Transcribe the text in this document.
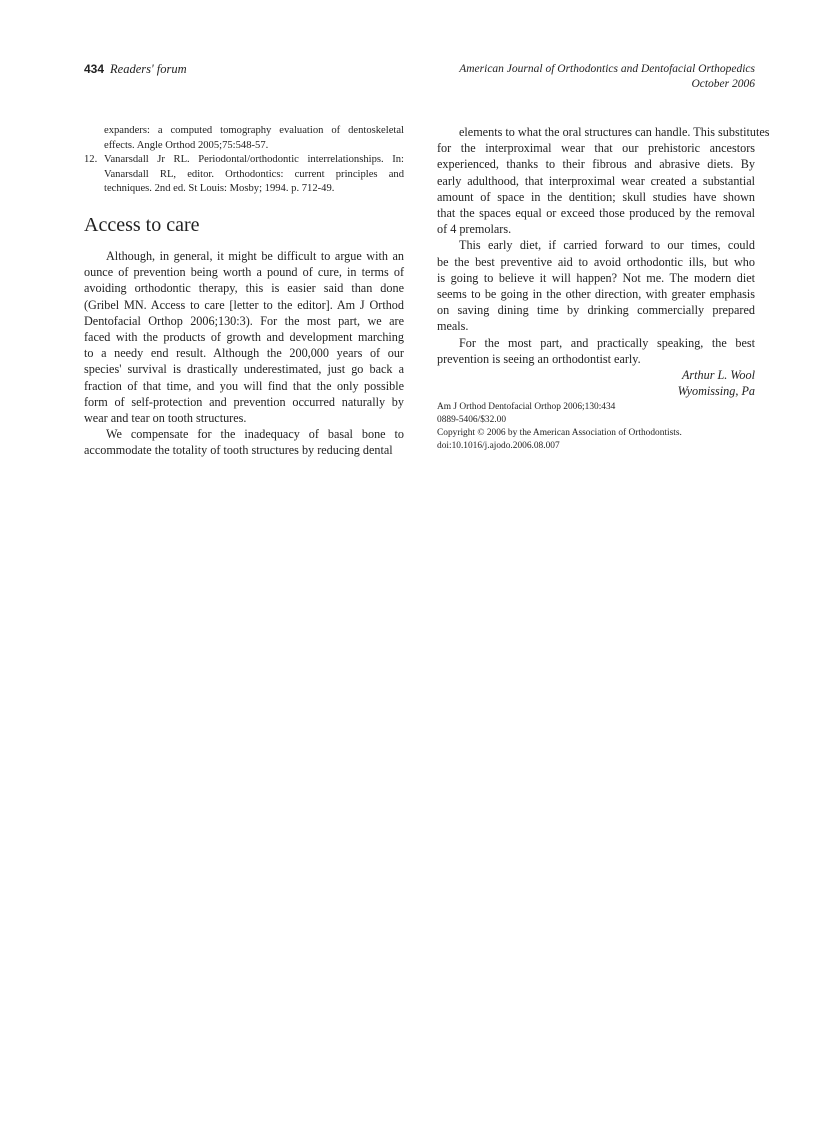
434 Readers' forum	American Journal of Orthodontics and Dentofacial Orthopedics
October 2006
expanders: a computed tomography evaluation of dentoskeletal
effects. Angle Orthod 2005;75:548-57.
12. Vanarsdall Jr RL. Periodontal/orthodontic interrelationships. In:
Vanarsdall RL, editor. Orthodontics: current principles and
techniques. 2nd ed. St Louis: Mosby; 1994. p. 712-49.
Access to care
Although, in general, it might be difficult to argue with an
ounce of prevention being worth a pound of cure, in terms of
avoiding orthodontic therapy, this is easier said than done
(Gribel MN. Access to care [letter to the editor]. Am J Orthod
Dentofacial Orthop 2006;130:3). For the most part, we are
faced with the products of growth and development marching
to a needy end result. Although the 200,000 years of our
species' survival is drastically underestimated, just go back a
fraction of that time, and you will find that the only possible
form of self-protection and prevention occurred naturally by
wear and tear on tooth structures.
We compensate for the inadequacy of basal bone to
accommodate the totality of tooth structures by reducing dental
elements to what the oral structures can handle. This substitutes
for the interproximal wear that our prehistoric ancestors
experienced, thanks to their fibrous and abrasive diets. By
early adulthood, that interproximal wear created a substantial
amount of space in the dentition; skull studies have shown
that the spaces equal or exceed those produced by the removal
of 4 premolars.
This early diet, if carried forward to our times, could
be the best preventive aid to avoid orthodontic ills, but who
is going to believe it will happen? Not me. The modern diet
seems to be going in the other direction, with greater emphasis
on saving dining time by drinking commercially prepared
meals.
For the most part, and practically speaking, the best
prevention is seeing an orthodontist early.
Arthur L. Wool
Wyomissing, Pa
Am J Orthod Dentofacial Orthop 2006;130:434
0889-5406/$32.00
Copyright © 2006 by the American Association of Orthodontists.
doi:10.1016/j.ajodo.2006.08.007
